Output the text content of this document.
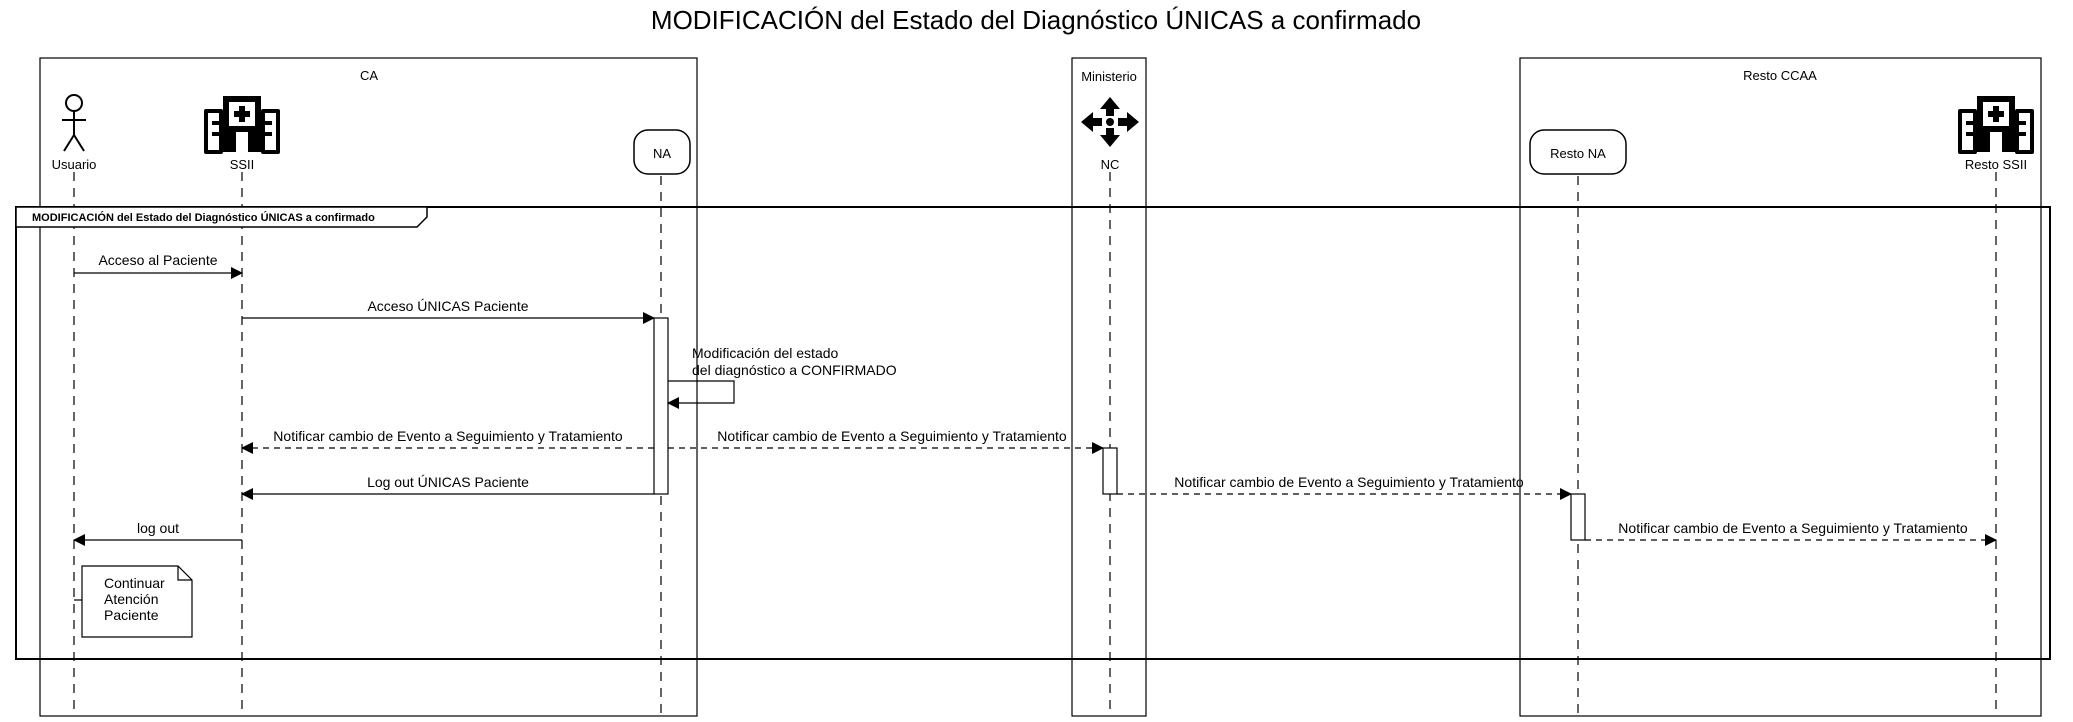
MODIFICACIÓN del Estado del Diagnóstico ÚNICAS a confirmado
CA	Ministerio	Resto CCAA
Usuario	SSII
NA
NC
Resto NA
Resto SSII
MODIFICACIÓN del Estado del Diagnóstico ÚNICAS a confirmado
Acceso al Paciente
Acceso ÚNICAS Paciente
Modificación del estado
del diagnóstico a CONFIRMADO
Notificar cambio de Evento a Seguimiento y Tratamiento	Notificar cambio de Evento a Seguimiento y Tratamiento
Log out ÚNICAS Paciente	Notificar cambio de Evento a Seguimiento y Tratamiento
log out	Notificar cambio de Evento a Seguimiento y Tratamiento
Continuar
Atención
Paciente
